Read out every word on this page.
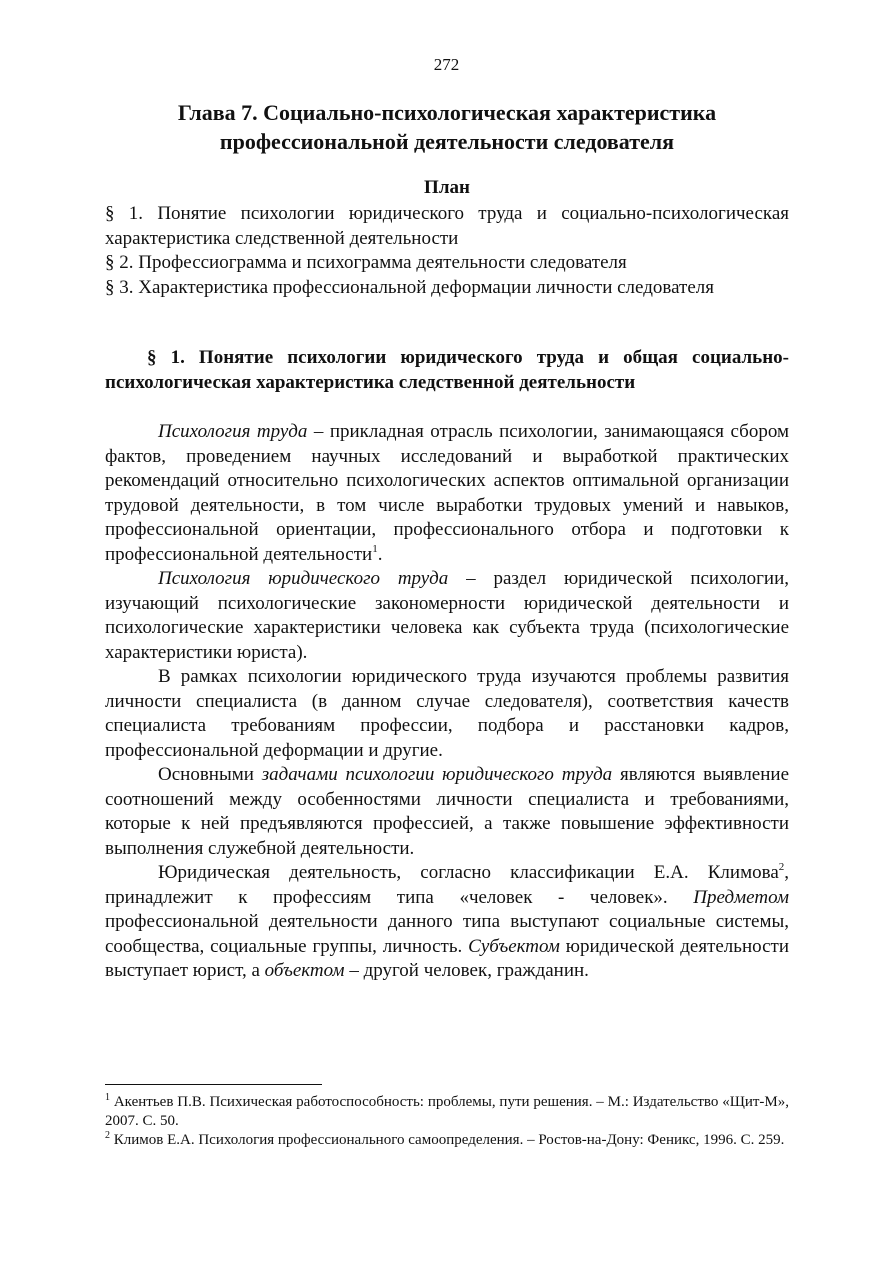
272
Глава 7. Социально-психологическая характеристика
профессиональной деятельности следователя
План

§ 1. Понятие психологии юридического труда и социально-психологическая характеристика следственной деятельности

§ 2. Профессиограмма и психограмма деятельности следователя

§ 3. Характеристика профессиональной деформации личности следователя

§ 1. Понятие психологии юридического труда и общая социально-психологическая характеристика следственной деятельности

Психология труда – прикладная отрасль психологии, занимающаяся сбором фактов, проведением научных исследований и выработкой практических рекомендаций относительно психологических аспектов оптимальной организации трудовой деятельности, в том числе выработки трудовых умений и навыков, профессиональной ориентации, профессионального отбора и подготовки к профессиональной деятельности$^1$.

Психология юридического труда – раздел юридической психологии, изучающий психологические закономерности юридической деятельности и психологические характеристики человека как субъекта труда (психологические характеристики юриста).

В рамках психологии юридического труда изучаются проблемы развития личности специалиста (в данном случае следователя), соответствия качеств специалиста требованиям профессии, подбора и расстановки кадров, профессиональной деформации и другие.

Основными задачами психологии юридического труда являются выявление соотношений между особенностями личности специалиста и требованиями, которые к ней предъявляются профессией, а также повышение эффективности выполнения служебной деятельности.

Юридическая деятельность, согласно классификации Е.А. Климова$^2$, принадлежит к профессиям типа «человек - человек». Предметом профессиональной деятельности данного типа выступают социальные системы, сообщества, социальные группы, личность. Субъектом юридической деятельности выступает юрист, а объектом – другой человек, гражданин.

$^1$ Акентьев П.В. Психическая работоспособность: проблемы, пути решения. – М.: Издательство «Щит-М», 2007. С. 50.

$^2$ Климов Е.А. Психология профессионального самоопределения. – Ростов-на-Дону: Феникс, 1996. С. 259.
